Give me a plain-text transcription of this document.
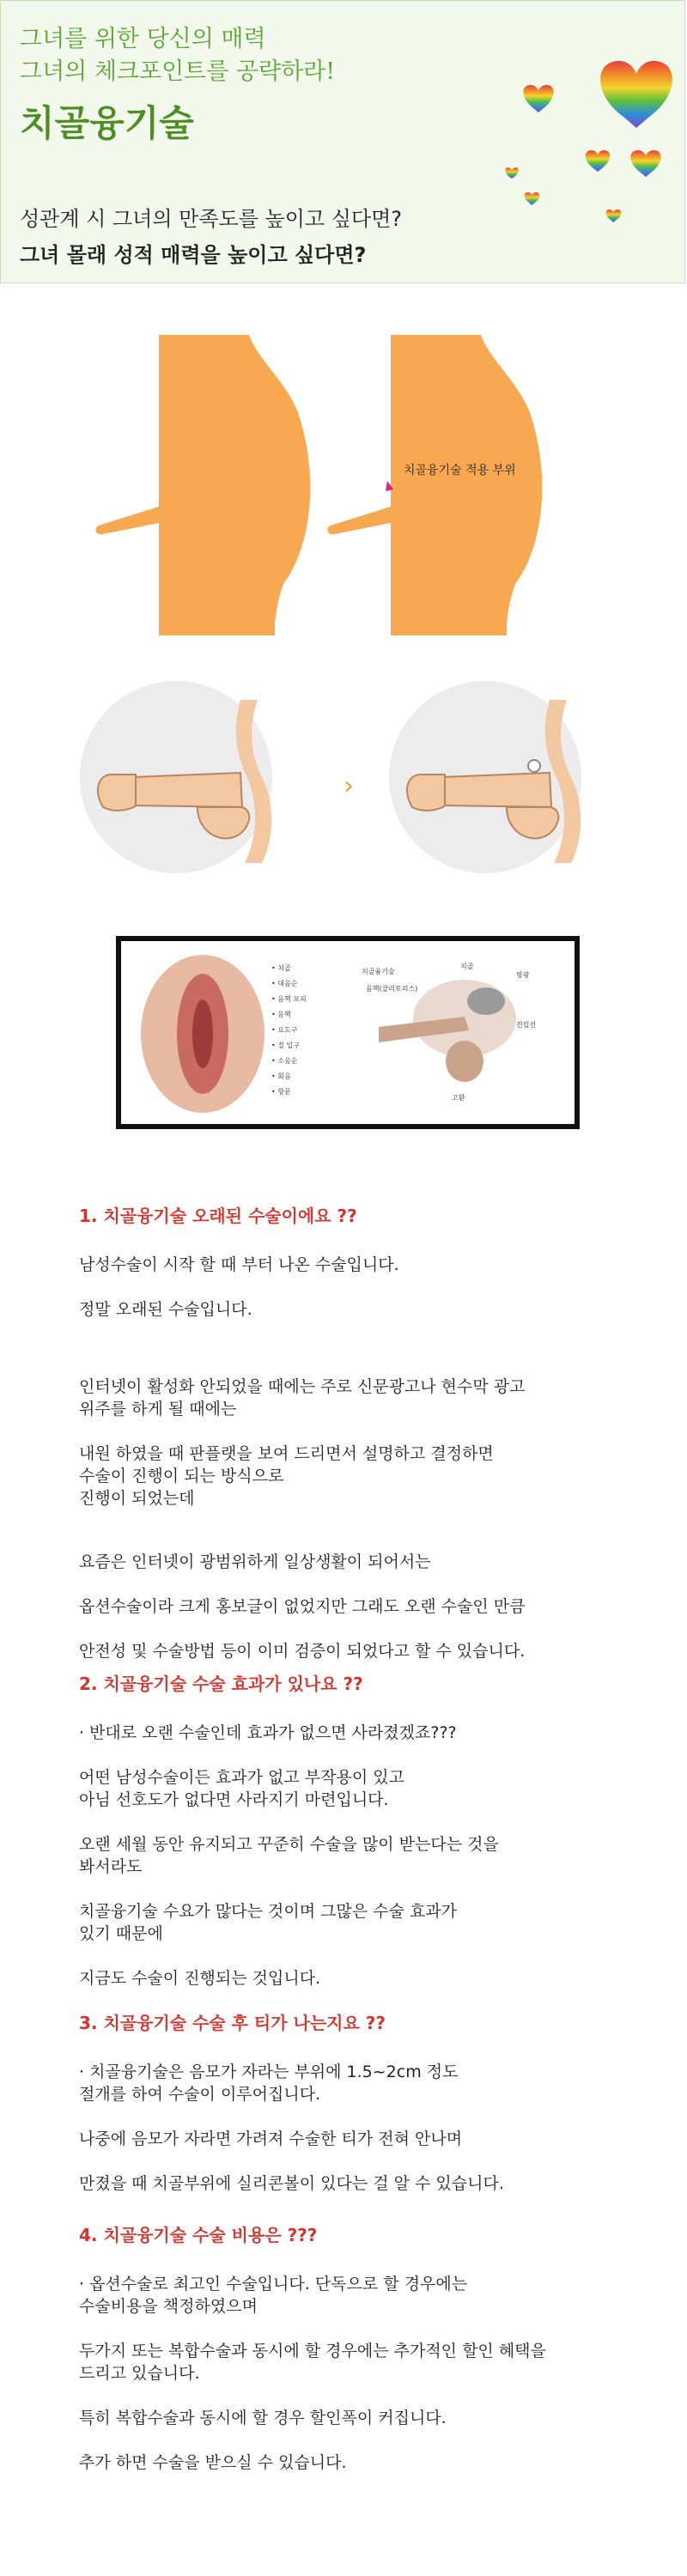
그녀를 위한 당신의 매력
그녀의 체크포인트를 공략하라!
치골융기술
성관계 시 그녀의 만족도를 높이고 싶다면?
그녀 몰래 성적 매력을 높이고 싶다면?
치골융기술 적용 부위
›
• 치골
• 대음순
• 음핵 포피
• 음핵
• 요도구
• 질 입구
• 소음순
• 회음
• 항문
치골융기술
음핵(클리토리스)
치골
방광
전립선
고환
1. 치골융기술 오래된 수술이에요 ??
남성수술이 시작 할 때 부터 나온 수술입니다.
정말 오래된 수술입니다.
인터넷이 활성화 안되었을 때에는 주로 신문광고나 현수막 광고
위주를 하게 될 때에는
내원 하였을 때 판플랫을 보여 드리면서 설명하고 결정하면
수술이 진행이 되는 방식으로
진행이 되었는데
요즘은 인터넷이 광범위하게 일상생활이 되어서는
옵션수술이라 크게 홍보글이 없었지만 그래도 오랜 수술인 만큼
안전성 및 수술방법 등이 이미 검증이 되었다고 할 수 있습니다.
2. 치골융기술 수술 효과가 있나요 ??
· 반대로 오랜 수술인데 효과가 없으면 사라졌겠죠???
어떤 남성수술이든 효과가 없고 부작용이 있고
아님 선호도가 없다면 사라지기 마련입니다.
오랜 세월 동안 유지되고 꾸준히 수술을 많이 받는다는 것을
봐서라도
치골융기술 수요가 많다는 것이며 그많은 수술 효과가
있기 때문에
지금도 수술이 진행되는 것입니다.
3. 치골융기술 수술 후 티가 나는지요 ??
· 치골융기술은 음모가 자라는 부위에 1.5~2cm 정도
절개를 하여 수술이 이루어집니다.
나중에 음모가 자라면 가려져 수술한 티가 전혀 안나며
만졌을 때 치골부위에 실리콘볼이 있다는 걸 알 수 있습니다.
4. 치골융기술 수술 비용은 ???
· 옵션수술로 최고인 수술입니다. 단독으로 할 경우에는
수술비용을 책정하였으며
두가지 또는 복합수술과 동시에 할 경우에는 추가적인 할인 혜택을
드리고 있습니다.
특히 복합수술과 동시에 할 경우 할인폭이 커집니다.
추가 하면 수술을 받으실 수 있습니다.
